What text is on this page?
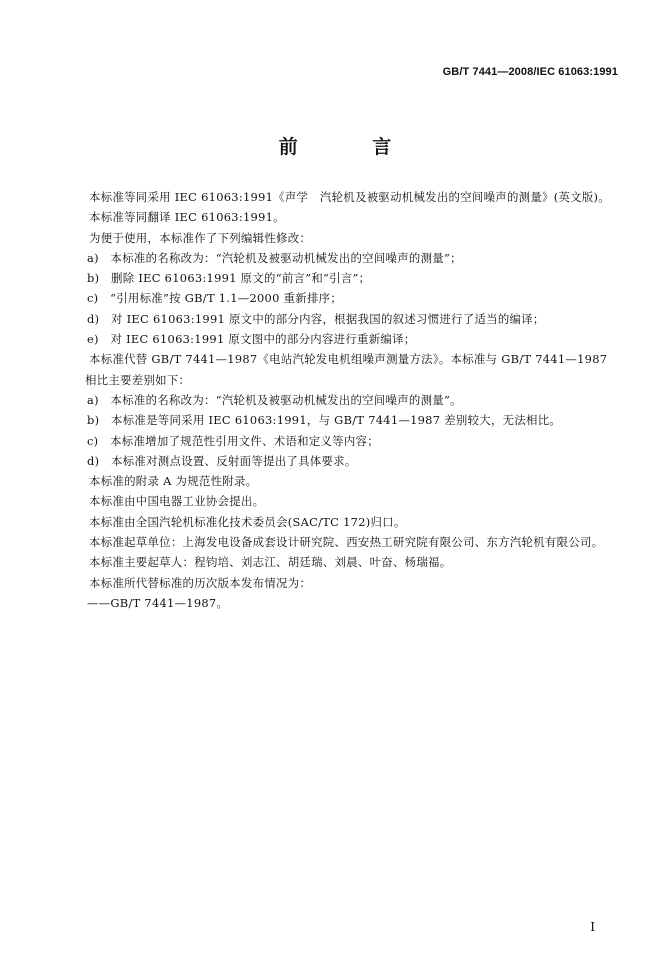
GB/T 7441—2008/IEC 61063:1991
前 言
本标准等同采用 IEC 61063:1991《声学　汽轮机及被驱动机械发出的空间噪声的测量》(英文版)。
本标准等同翻译 IEC 61063:1991。
为便于使用，本标准作了下列编辑性修改：
a)　本标准的名称改为：“汽轮机及被驱动机械发出的空间噪声的测量”；
b)　删除 IEC 61063:1991 原文的“前言”和“引言”；
c)　“引用标准”按 GB/T 1.1—2000 重新排序；
d)　对 IEC 61063:1991 原文中的部分内容，根据我国的叙述习惯进行了适当的编译；
e)　对 IEC 61063:1991 原文图中的部分内容进行重新编译；
本标准代替 GB/T 7441—1987《电站汽轮发电机组噪声测量方法》。本标准与 GB/T 7441—1987
相比主要差别如下：
a)　本标准的名称改为：“汽轮机及被驱动机械发出的空间噪声的测量”。
b)　本标准是等同采用 IEC 61063:1991，与 GB/T 7441—1987 差别较大，无法相比。
c)　本标准增加了规范性引用文件、术语和定义等内容；
d)　本标准对测点设置、反射面等提出了具体要求。
本标准的附录 A 为规范性附录。
本标准由中国电器工业协会提出。
本标准由全国汽轮机标准化技术委员会(SAC/TC 172)归口。
本标准起草单位：上海发电设备成套设计研究院、西安热工研究院有限公司、东方汽轮机有限公司。
本标准主要起草人：程钧培、刘志江、胡廷瑞、刘晨、叶奋、杨瑞福。
本标准所代替标准的历次版本发布情况为：
——GB/T 7441—1987。
I
